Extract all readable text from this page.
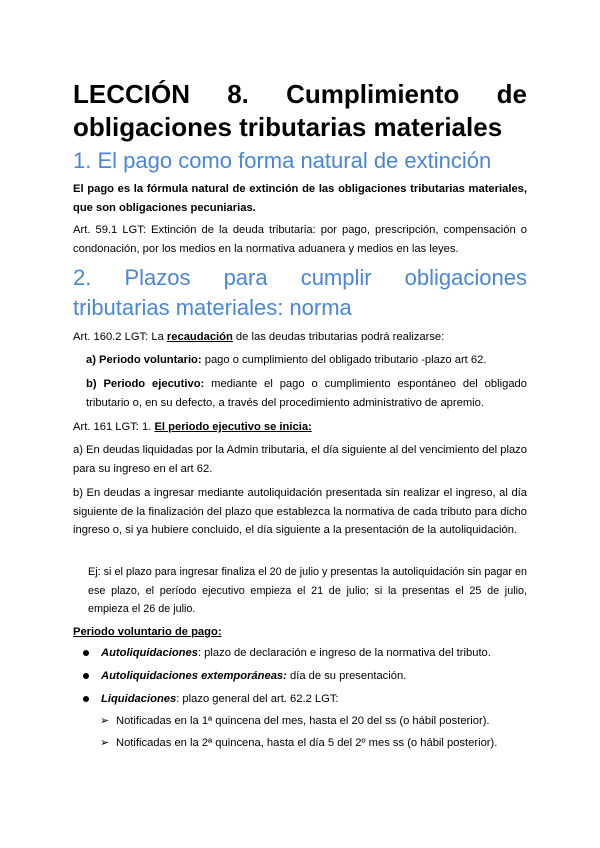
LECCIÓN 8. Cumplimiento de
obligaciones tributarias materiales
1. El pago como forma natural de extinción
El pago es la fórmula natural de extinción de las obligaciones tributarias materiales, que son obligaciones pecuniarias.
Art. 59.1 LGT: Extinción de la deuda tributaria: por pago, prescripción, compensación o condonación, por los medios en la normativa aduanera y medios en las leyes.
2. Plazos para cumplir obligaciones
tributarias materiales: norma
Art. 160.2 LGT: La recaudación de las deudas tributarias podrá realizarse:
a) Periodo voluntario: pago o cumplimiento del obligado tributario -plazo art 62.
b) Periodo ejecutivo: mediante el pago o cumplimiento espontáneo del obligado tributario o, en su defecto, a través del procedimiento administrativo de apremio.
Art. 161 LGT: 1. El periodo ejecutivo se inicia:
a) En deudas liquidadas por la Admin tributaria, el día siguiente al del vencimiento del plazo para su ingreso en el art 62.
b) En deudas a ingresar mediante autoliquidación presentada sin realizar el ingreso, al día siguiente de la finalización del plazo que establezca la normativa de cada tributo para dicho ingreso o, si ya hubiere concluido, el día siguiente a la presentación de la autoliquidación.
Ej: si el plazo para ingresar finaliza el 20 de julio y presentas la autoliquidación sin pagar en ese plazo, el período ejecutivo empieza el 21 de julio; si la presentas el 25 de julio, empieza el 26 de julio.
Periodo voluntario de pago:
Autoliquidaciones: plazo de declaración e ingreso de la normativa del tributo.
Autoliquidaciones extemporáneas: día de su presentación.
Liquidaciones: plazo general del art. 62.2 LGT:
➢ Notificadas en la 1ª quincena del mes, hasta el 20 del ss (o hábil posterior).
➢ Notificadas en la 2ª quincena, hasta el día 5 del 2º mes ss (o hábil posterior).
